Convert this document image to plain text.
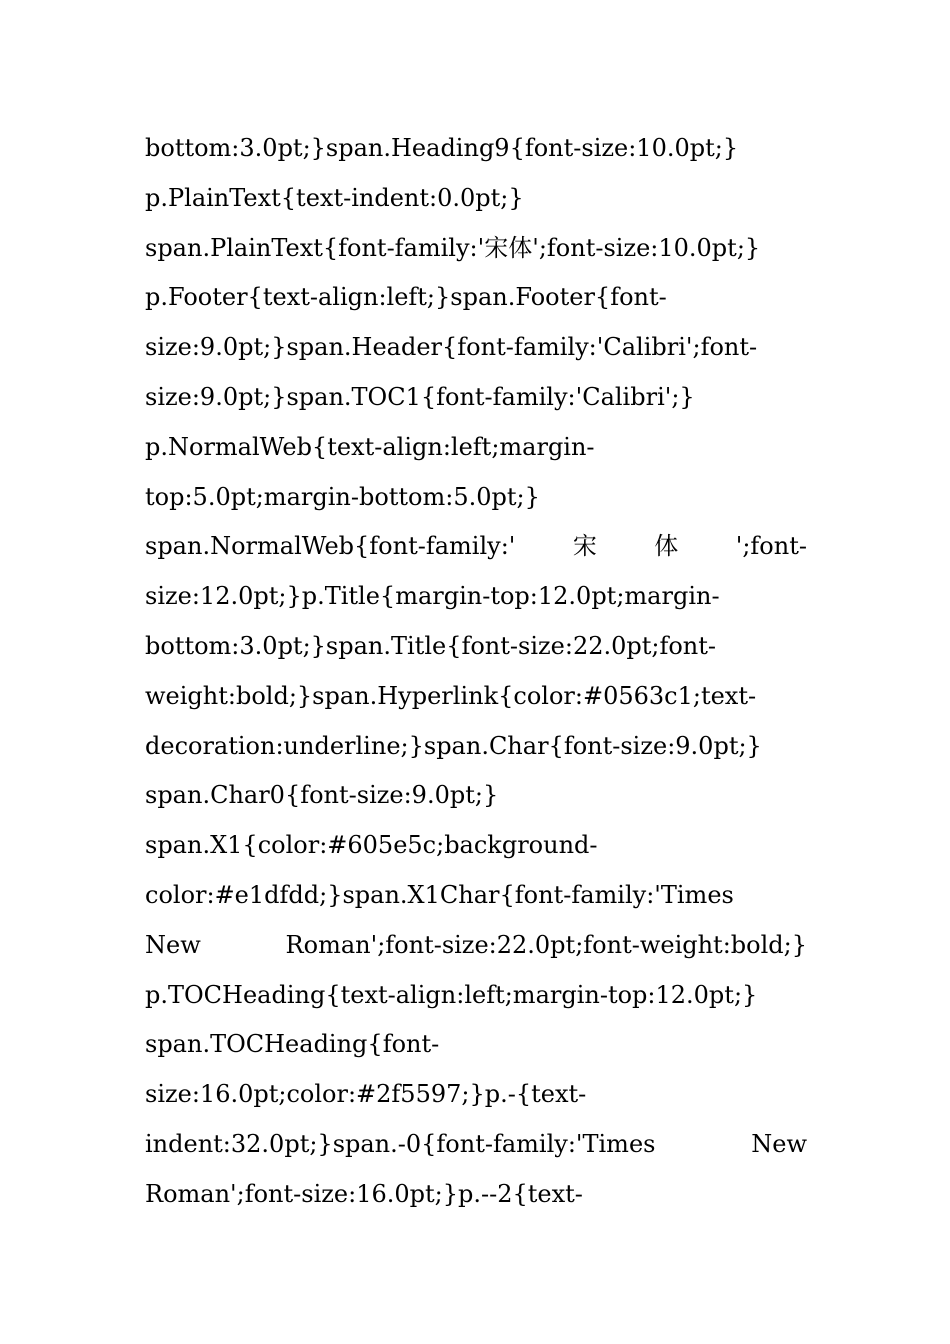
bottom:3.0pt;}span.Heading9{font-size:10.0pt;}
p.PlainText{text-indent:0.0pt;}
span.PlainText{font-family:'宋体';font-size:10.0pt;}
p.Footer{text-align:left;}span.Footer{font-
size:9.0pt;}span.Header{font-family:'Calibri';font-
size:9.0pt;}span.TOC1{font-family:'Calibri';}
p.NormalWeb{text-align:left;margin-
top:5.0pt;margin-bottom:5.0pt;}
span.NormalWeb{font-family:' 宋 体 ';font-
size:12.0pt;}p.Title{margin-top:12.0pt;margin-
bottom:3.0pt;}span.Title{font-size:22.0pt;font-
weight:bold;}span.Hyperlink{color:#0563c1;text-
decoration:underline;}span.Char{font-size:9.0pt;}
span.Char0{font-size:9.0pt;}
span.X1{color:#605e5c;background-
color:#e1dfdd;}span.X1Char{font-family:'Times
New	Roman';font-size:22.0pt;font-weight:bold;}
p.TOCHeading{text-align:left;margin-top:12.0pt;}
span.TOCHeading{font-
size:16.0pt;color:#2f5597;}p.-{text-
indent:32.0pt;}span.-0{font-family:'Times	New
Roman';font-size:16.0pt;}p.--2{text-
